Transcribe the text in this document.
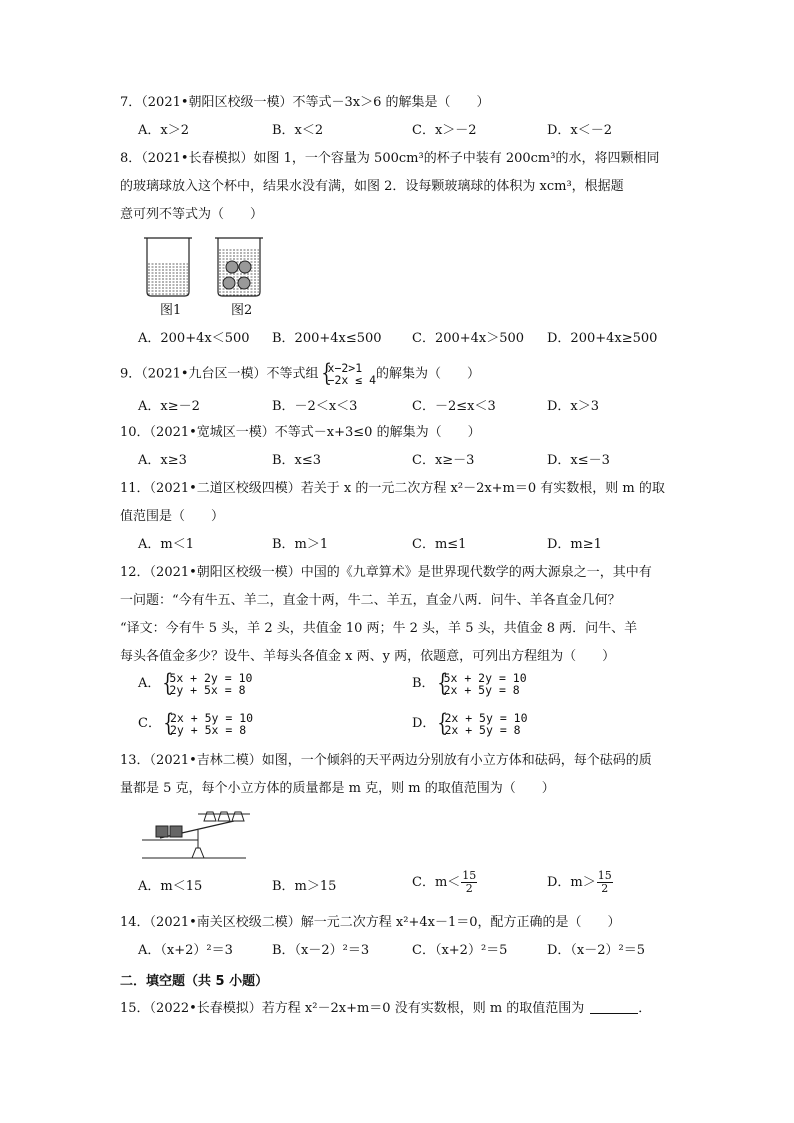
7．（2021•朝阳区校级一模）不等式－3x＞6 的解集是（　　）
A．x＞2	B．x＜2	C．x＞－2	D．x＜－2
8．（2021•长春模拟）如图 1，一个容量为 500cm³的杯子中装有 200cm³的水，将四颗相同
的玻璃球放入这个杯中，结果水没有满，如图 2．设每颗玻璃球的体积为 xcm³，根据题
意可列不等式为（　　）
图1	图2
A．200+4x＜500 B．200+4x≤500 C．200+4x＞500 D．200+4x≥500
9．（2021•九台区一模）不等式组 {
x−2>1
−2x ≤ 4 的解集为（　　）
A．x≥－2	B．－2＜x＜3	C．－2≤x＜3	D．x＞3
10．（2021•宽城区一模）不等式－x+3≤0 的解集为（　　）
A．x≥3	B．x≤3	C．x≥－3	D．x≤－3
11．（2021•二道区校级四模）若关于 x 的一元二次方程 x²－2x+m＝0 有实数根，则 m 的取
值范围是（　　）
A．m＜1	B．m＞1	C．m≤1	D．m≥1
12．（2021•朝阳区校级一模）中国的《九章算术》是世界现代数学的两大源泉之一，其中有
一问题：“今有牛五、羊二，直金十两，牛二、羊五，直金八两．问牛、羊各直金几何？
“译文：今有牛 5 头，羊 2 头，共值金 10 两；牛 2 头，羊 5 头，共值金 8 两．问牛、羊
每头各值金多少？设牛、羊每头各值金 x 两、y 两，依题意，可列出方程组为（　　）
A． {
5x + 2y = 10
2y + 5x = 8	B． {
5x + 2y = 10
2x + 5y = 8
C． {
2x + 5y = 10
2y + 5x = 8	D． {
2x + 5y = 10
2x + 5y = 8
13．（2021•吉林二模）如图，一个倾斜的天平两边分别放有小立方体和砝码，每个砝码的质
量都是 5 克，每个小立方体的质量都是 m 克，则 m 的取值范围为（　　）
A．m＜15	B．m＞15	C．$m< \frac{15}{2}$	D．$m> \frac{15}{2}$
14．（2021•南关区校级二模）解一元二次方程 x²+4x－1＝0，配方正确的是（　　）
A．（x+2）²＝3	B．（x－2）²＝3	C．（x+2）²＝5	D．（x－2）²＝5
二．填空题（共 5 小题）
15．（2022•长春模拟）若方程 x²－2x+m＝0 没有实数根，则 m 的取值范围为	．
